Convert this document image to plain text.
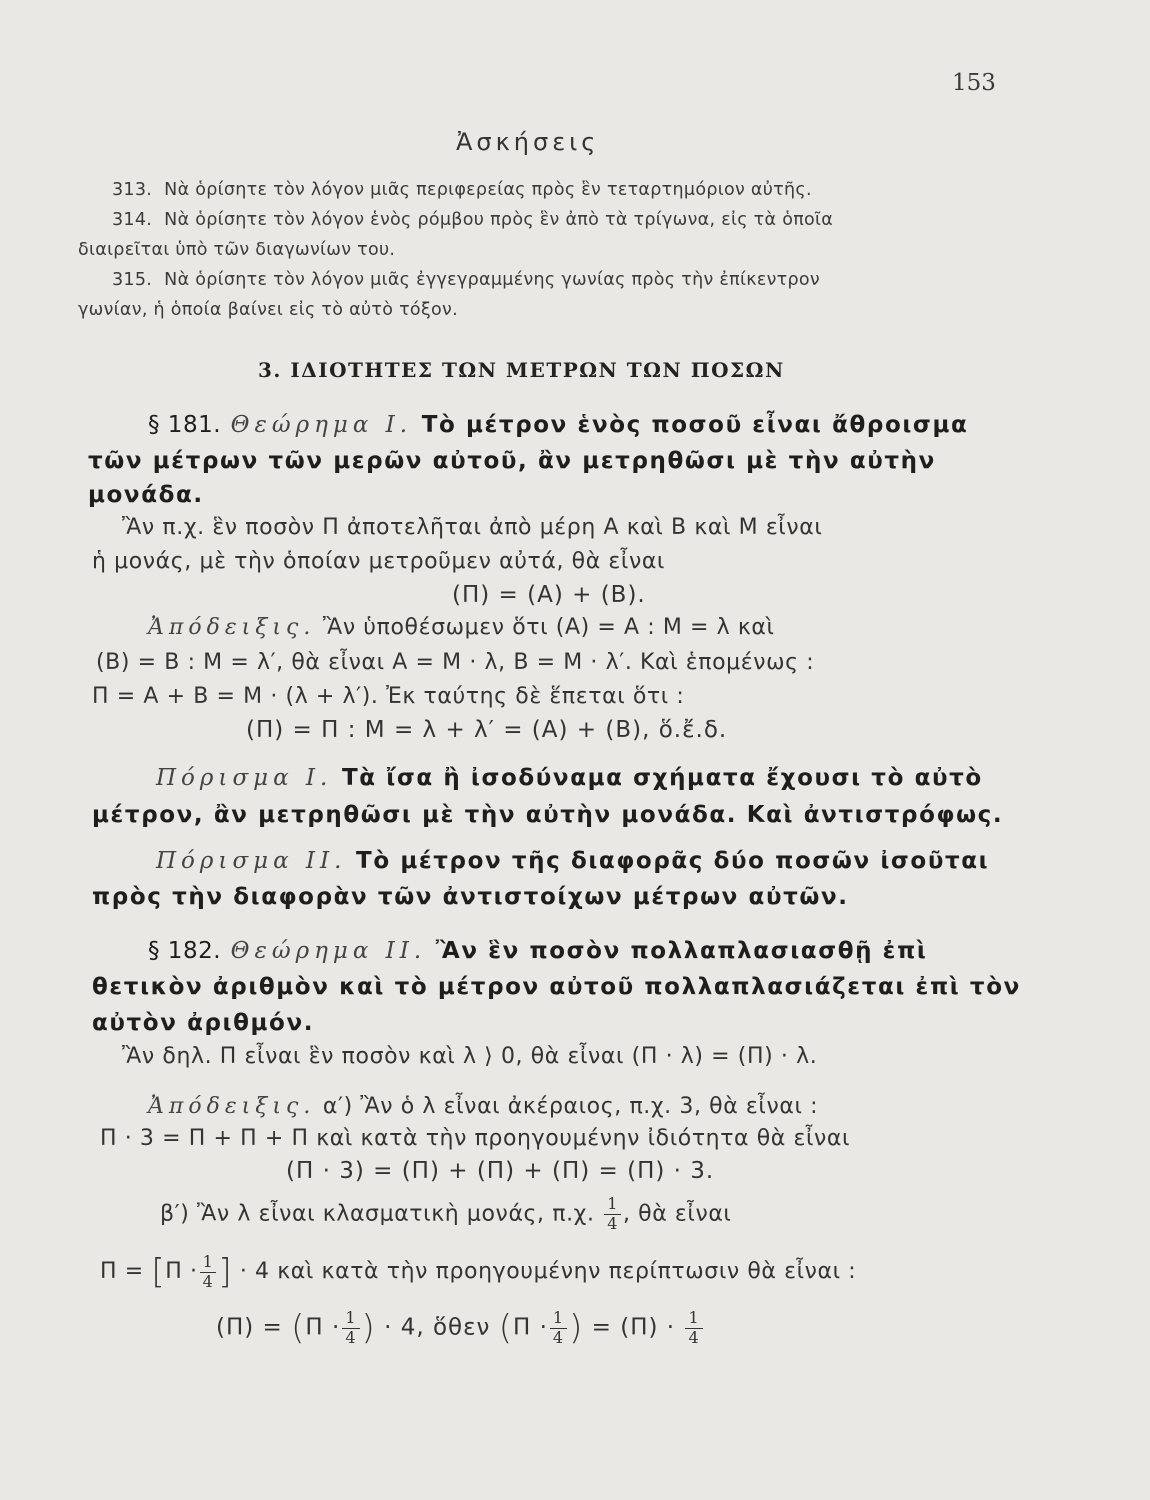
153
Ἀσκήσεις
313. Νὰ ὁρίσητε τὸν λόγον μιᾶς περιφερείας πρὸς ἓν τεταρτημόριον αὐτῆς.
314. Νὰ ὁρίσητε τὸν λόγον ἑνὸς ρόμβου πρὸς ἓν ἀπὸ τὰ τρίγωνα, εἰς τὰ ὁποῖα
διαιρεῖται ὑπὸ τῶν διαγωνίων του.
315. Νὰ ὁρίσητε τὸν λόγον μιᾶς ἐγγεγραμμένης γωνίας πρὸς τὴν ἐπίκεντρον
γωνίαν, ἡ ὁποία βαίνει εἰς τὸ αὐτὸ τόξον.
3. ΙΔΙΟΤΗΤΕΣ ΤΩΝ ΜΕΤΡΩΝ ΤΩΝ ΠΟΣΩΝ
§ 181. Θεώρημα Ι. Τὸ μέτρον ἑνὸς ποσοῦ εἶναι ἄθροισμα
τῶν μέτρων τῶν μερῶν αὐτοῦ, ἂν μετρηθῶσι μὲ τὴν αὐτὴν
μονάδα.
Ἂν π.χ. ἓν ποσὸν Π ἀποτελῆται ἀπὸ μέρη Α καὶ Β καὶ Μ εἶναι
ἡ μονάς, μὲ τὴν ὁποίαν μετροῦμεν αὐτά, θὰ εἶναι
(Π) = (Α) + (Β).
Ἀπόδειξις. Ἂν ὑποθέσωμεν ὅτι (Α) = Α : Μ = λ καὶ
(Β) = Β : Μ = λ′, θὰ εἶναι Α = Μ · λ, Β = Μ · λ′. Καὶ ἑπομένως :
Π = Α + Β = Μ · (λ + λ′). Ἐκ ταύτης δὲ ἕπεται ὅτι :
(Π) = Π : Μ = λ + λ′ = (Α) + (Β), ὅ.ἔ.δ.
Πόρισμα Ι. Τὰ ἴσα ἢ ἰσοδύναμα σχήματα ἔχουσι τὸ αὐτὸ
μέτρον, ἂν μετρηθῶσι μὲ τὴν αὐτὴν μονάδα. Καὶ ἀντιστρόφως.
Πόρισμα ΙΙ. Τὸ μέτρον τῆς διαφορᾶς δύο ποσῶν ἰσοῦται
πρὸς τὴν διαφορὰν τῶν ἀντιστοίχων μέτρων αὐτῶν.
§ 182. Θεώρημα ΙΙ. Ἂν ἓν ποσὸν πολλαπλασιασθῇ ἐπὶ
θετικὸν ἀριθμὸν καὶ τὸ μέτρον αὐτοῦ πολλαπλασιάζεται ἐπὶ τὸν
αὐτὸν ἀριθμόν.
Ἂν δηλ. Π εἶναι ἓν ποσὸν καὶ λ ⟩ 0, θὰ εἶναι (Π · λ) = (Π) · λ.
Ἀπόδειξις. α′) Ἂν ὁ λ εἶναι ἀκέραιος, π.χ. 3, θὰ εἶναι :
Π · 3 = Π + Π + Π καὶ κατὰ τὴν προηγουμένην ἰδιότητα θὰ εἶναι
(Π · 3) = (Π) + (Π) + (Π) = (Π) · 3.
β′) Ἂν λ εἶναι κλασματικὴ μονάς, π.χ. $\frac{1}{4}$ , θὰ εἶναι
$\Pi = [\Pi \cdot \frac{1}{4}$ ] · 4 καὶ κατὰ τὴν προηγουμένην περίπτωσιν θὰ εἶναι :
$(\Pi) = (\Pi \cdot \frac{1}{4}$ ) · 4, ὅθεν ($\Pi \cdot \frac{1}{4}$ ) = $(\Pi) \cdot \frac{1}{4}$
